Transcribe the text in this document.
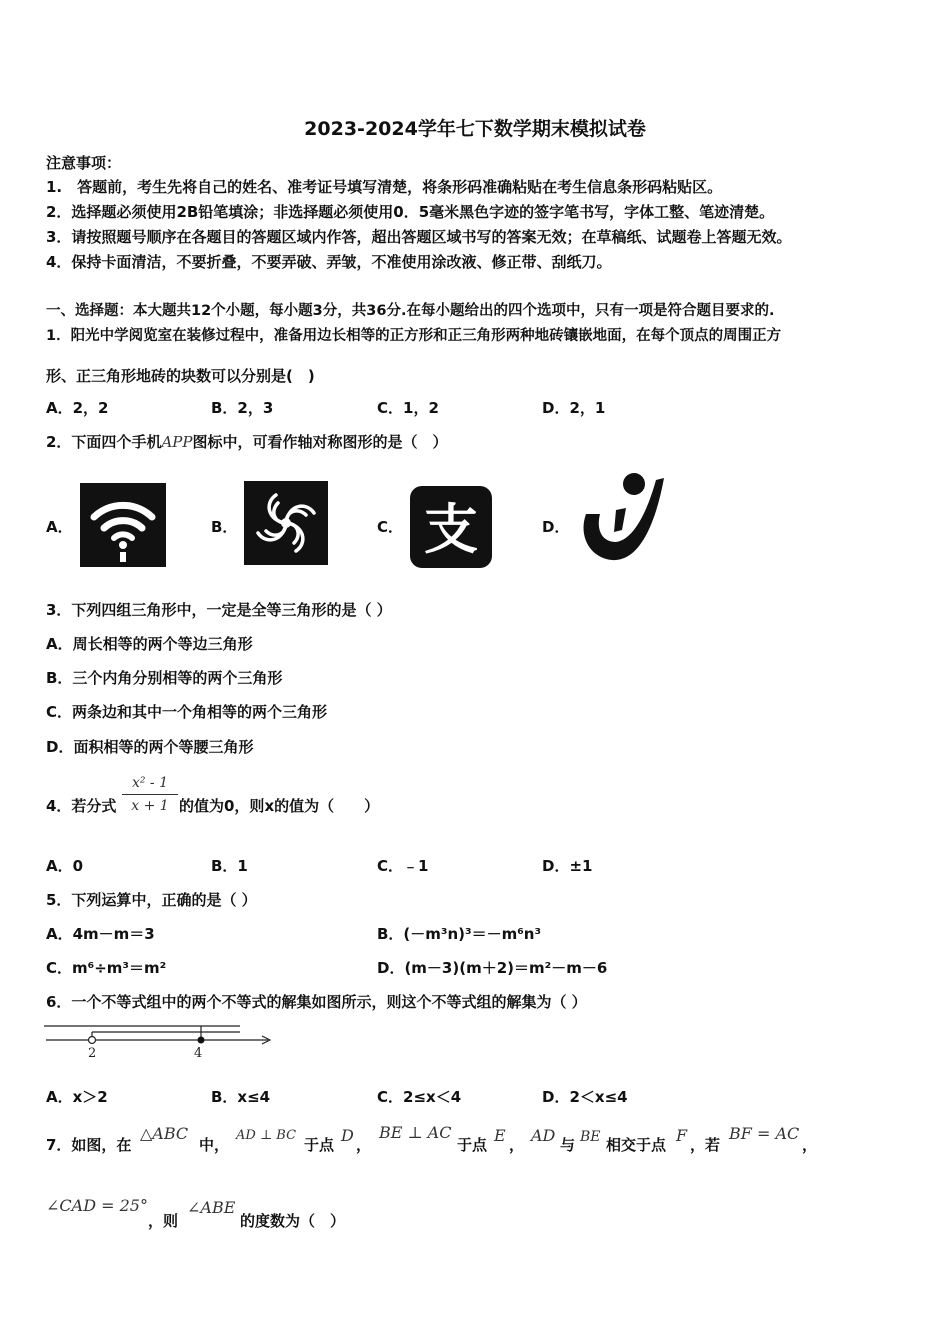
2023-2024学年七下数学期末模拟试卷
注意事项：
1.　答题前，考生先将自己的姓名、准考证号填写清楚，将条形码准确粘贴在考生信息条形码粘贴区。
2．选择题必须使用2B铅笔填涂；非选择题必须使用0．5毫米黑色字迹的签字笔书写，字体工整、笔迹清楚。
3．请按照题号顺序在各题目的答题区域内作答，超出答题区域书写的答案无效；在草稿纸、试题卷上答题无效。
4．保持卡面清洁，不要折叠，不要弄破、弄皱，不准使用涂改液、修正带、刮纸刀。
一、选择题：本大题共12个小题，每小题3分，共36分.在每小题给出的四个选项中，只有一项是符合题目要求的.
1．阳光中学阅览室在装修过程中，准备用边长相等的正方形和正三角形两种地砖镶嵌地面，在每个顶点的周围正方
形、正三角形地砖的块数可以分别是(　)
A．2，2	B．2，3	C．1，2	D．2，1
2．下面四个手机APP图标中，可看作轴对称图形的是（　）
A．	B．	C．	D．
支
3．下列四组三角形中，一定是全等三角形的是（ ）
A．周长相等的两个等边三角形
B．三个内角分别相等的两个三角形
C．两条边和其中一个角相等的两个三角形
D．面积相等的两个等腰三角形
4．若分式 $\frac{\text{x² - 1}}{x + 1}$ 的值为0，则x的值为（　　）
A．0	B．1	C．﹣1	D．±1
5．下列运算中，正确的是（ ）
A．4m－m＝3	B．(－m³n)³＝－m⁶n³
C．m⁶÷m³＝m²	D．(m－3)(m＋2)＝m²－m－6
6．一个不等式组中的两个不等式的解集如图所示，则这个不等式组的解集为（ ）
2	4
A．x＞2	B．x≤4	C．2≤x＜4	D．2＜x≤4
7．如图，在
△ABC
中，
AD ⊥ BC
于点 D ，
BE ⊥ AC
于点 E ， AD 与 BE 相交于点 F ，若
BF = AC
，
∠CAD = 25°
，则
∠ABE
的度数为（　）
